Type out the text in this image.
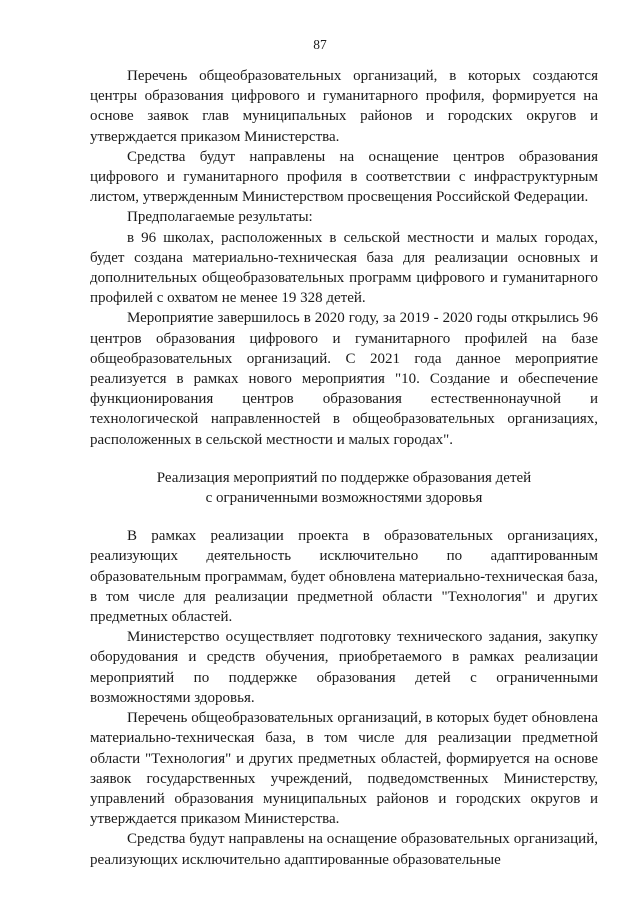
87

Перечень общеобразовательных организаций, в которых создаются центры образования цифрового и гуманитарного профиля, формируется на основе заявок глав муниципальных районов и городских округов и утверждается приказом Министерства.

Средства будут направлены на оснащение центров образования цифрового и гуманитарного профиля в соответствии с инфраструктурным листом, утвержденным Министерством просвещения Российской Федерации.

Предполагаемые результаты:

в 96 школах, расположенных в сельской местности и малых городах, будет создана материально-техническая база для реализации основных и дополнительных общеобразовательных программ цифрового и гуманитарного профилей с охватом не менее 19 328 детей.

Мероприятие завершилось в 2020 году, за 2019 - 2020 годы открылись 96 центров образования цифрового и гуманитарного профилей на базе общеобразовательных организаций. С 2021 года данное мероприятие реализуется в рамках нового мероприятия "10. Создание и обеспечение функционирования центров образования естественнонаучной и технологической направленностей в общеобразовательных организациях, расположенных в сельской местности и малых городах".

Реализация мероприятий по поддержке образования детей

с ограниченными возможностями здоровья

В рамках реализации проекта в образовательных организациях, реализующих деятельность исключительно по адаптированным образовательным программам, будет обновлена материально-техническая база, в том числе для реализации предметной области "Технология" и других предметных областей.

Министерство осуществляет подготовку технического задания, закупку оборудования и средств обучения, приобретаемого в рамках реализации мероприятий по поддержке образования детей с ограниченными возможностями здоровья.

Перечень общеобразовательных организаций, в которых будет обновлена материально-техническая база, в том числе для реализации предметной области "Технология" и других предметных областей, формируется на основе заявок государственных учреждений, подведомственных Министерству, управлений образования муниципальных районов и городских округов и утверждается приказом Министерства.

Средства будут направлены на оснащение образовательных организаций, реализующих исключительно адаптированные образовательные
